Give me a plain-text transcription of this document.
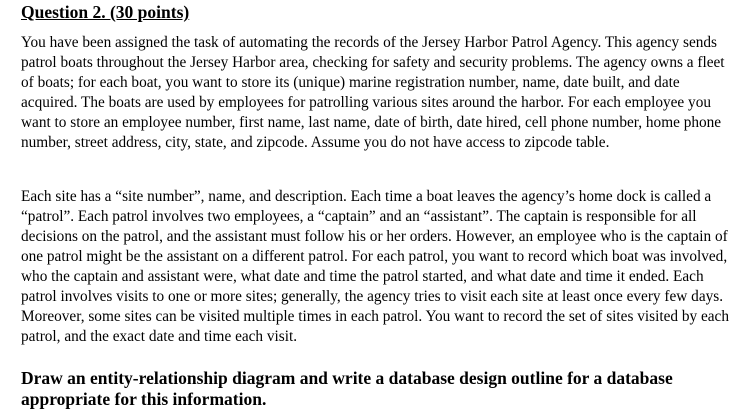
Question 2. (30 points)

You have been assigned the task of automating the records of the Jersey Harbor Patrol Agency. This agency sends patrol boats throughout the Jersey Harbor area, checking for safety and security problems. The agency owns a fleet of boats; for each boat, you want to store its (unique) marine registration number, name, date built, and date acquired. The boats are used by employees for patrolling various sites around the harbor. For each employee you want to store an employee number, first name, last name, date of birth, date hired, cell phone number, home phone number, street address, city, state, and zipcode. Assume you do not have access to zipcode table.

Each site has a “site number”, name, and description. Each time a boat leaves the agency’s home dock is called a “patrol”. Each patrol involves two employees, a “captain” and an “assistant”. The captain is responsible for all decisions on the patrol, and the assistant must follow his or her orders. However, an employee who is the captain of one patrol might be the assistant on a different patrol. For each patrol, you want to record which boat was involved, who the captain and assistant were, what date and time the patrol started, and what date and time it ended. Each patrol involves visits to one or more sites; generally, the agency tries to visit each site at least once every few days. Moreover, some sites can be visited multiple times in each patrol. You want to record the set of sites visited by each patrol, and the exact date and time each visit.

Draw an entity-relationship diagram and write a database design outline for a database appropriate for this information.
